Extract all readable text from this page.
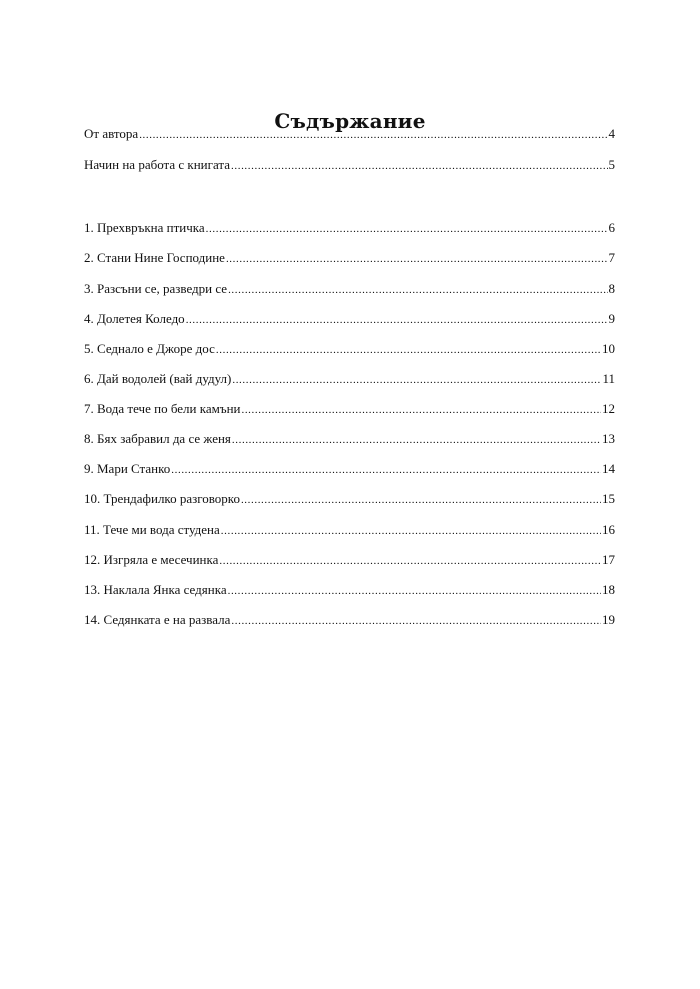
Съдържание
От автора .....	4
Начин на работа с книгата .....	5
1. Прехвръкна птичка .....	6
2. Стани Нине Господине .....	7
3. Разсъни се, разведри се .....	8
4. Долетея Коледо .....	9
5. Седнало е Джоре дос .....	10
6. Дай водолей (вай дудул) .....	11
7. Вода тече по бели камъни .....	12
8. Бях забравил да се женя .....	13
9. Мари Станко .....	14
10. Трендафилко разговорко .....	15
11. Тече ми вода студена .....	16
12. Изгряла е месечинка .....	17
13. Наклала Янка седянка .....	18
14. Седянката е на развала .....	19
